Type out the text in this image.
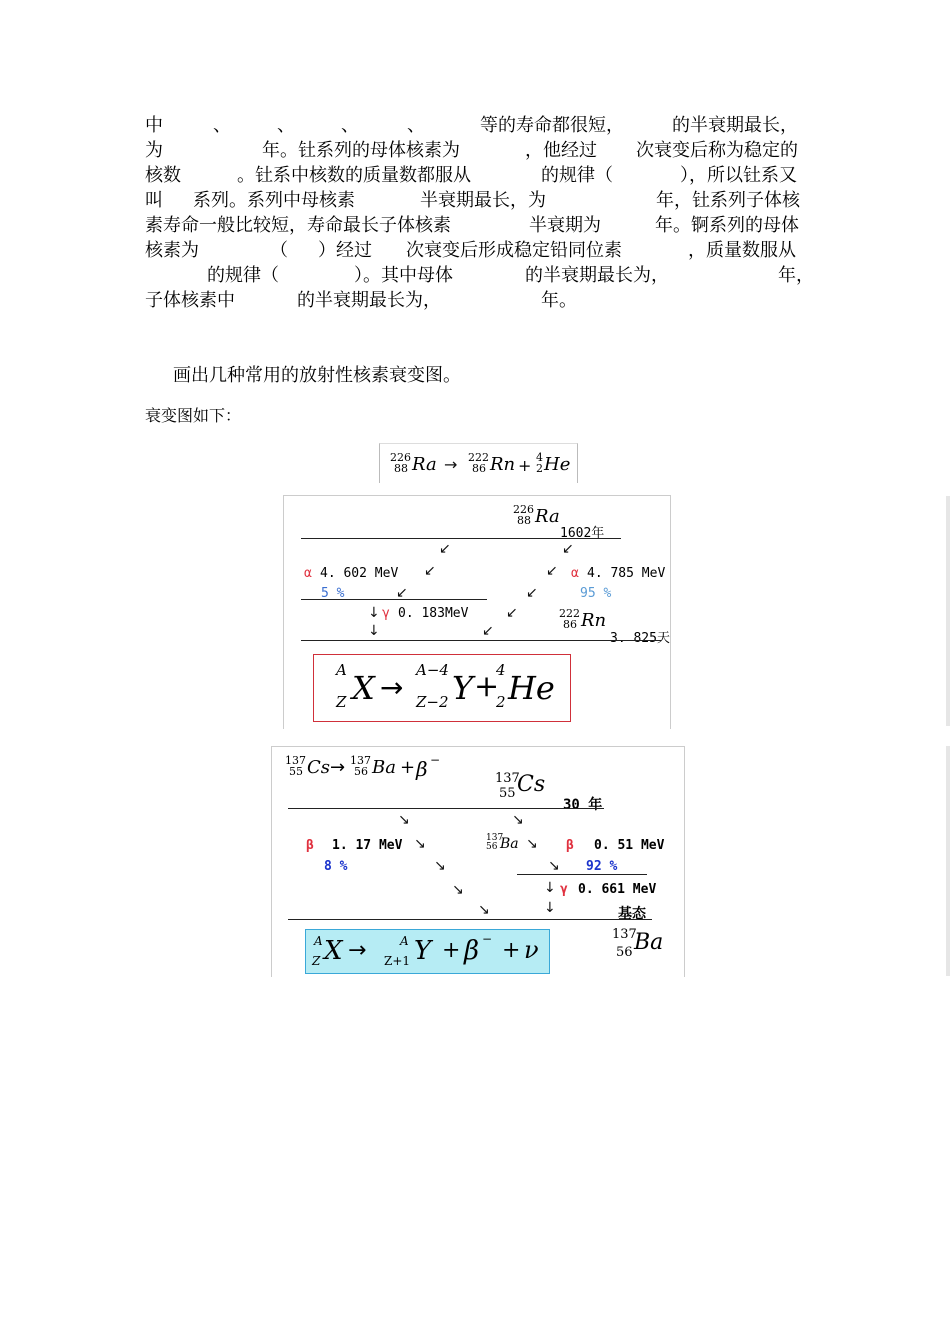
中

	、

	、

	、

	、

	等的寿命都很短，

	的半衰期最长，

为

	年。钍系列的母体核素为

	，他经过

次衰变后称为稳定的

核数

	。钍系中核数的质量数都服从

	的规律（

	），所以钍系又

叫

系列。系列中母核素

	半衰期最长，为

	年，钍系列子体核

素寿命一般比较短，寿命最长子体核素

	半衰期为

	年。锕系列的母体

核素为

	（

）经过

次衰变后形成稳定铅同位素

	，质量数服从

的规律（

	）。其中母体

	的半衰期最长为，

	年，

子体核素中

	的半衰期最长为，

	年。

画出几种常用的放射性核素衰变图。
衰变图如下：
226
88 Ra → 222
86 Rn + 4
2 He
226
88 Ra
1602年
↙	↙
↙	↙
α 4. 602 MeV
5 %
α 4. 785 MeV
95 %
↙	↙
↓ γ 0. 183MeV	↙	222
86 Rn
↓	↙	3. 825天
A
Z X →
A−4
Z−2 Y +
4
2 He
137
55 Cs → 137
56 Ba + β −
137
55 Cs
30 年
↘	↘
β 1. 17 MeV ↘	137
56 Ba ↘ β 0. 51 MeV
8 %	↘	↘ 92 %
↓
↘	γ 0. 661 MeV
↘	↓	基态
A
Z X →	A
Z+1 Y + β − + ν
137
56 Ba
